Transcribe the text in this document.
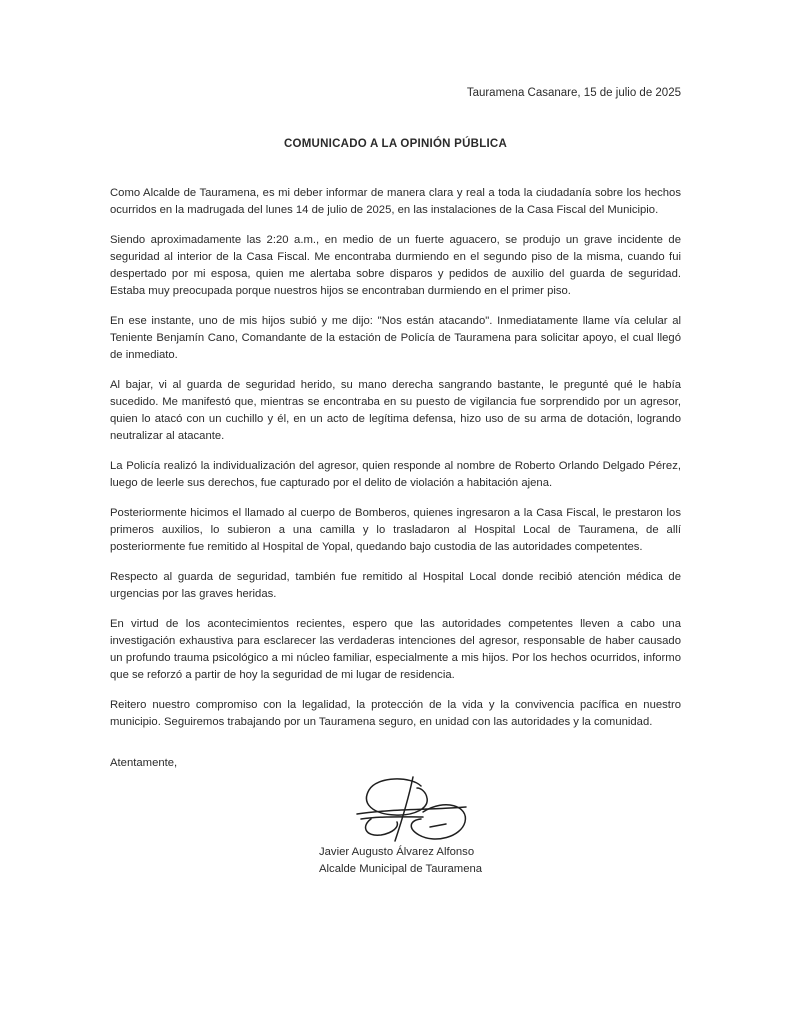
Tauramena Casanare, 15 de julio de 2025
COMUNICADO A LA OPINIÓN PÚBLICA

Como Alcalde de Tauramena, es mi deber informar de manera clara y real a toda la ciudadanía sobre los hechos ocurridos en la madrugada del lunes 14 de julio de 2025, en las instalaciones de la Casa Fiscal del Municipio.

Siendo aproximadamente las 2:20 a.m., en medio de un fuerte aguacero, se produjo un grave incidente de seguridad al interior de la Casa Fiscal. Me encontraba durmiendo en el segundo piso de la misma, cuando fui despertado por mi esposa, quien me alertaba sobre disparos y pedidos de auxilio del guarda de seguridad. Estaba muy preocupada porque nuestros hijos se encontraban durmiendo en el primer piso.

En ese instante, uno de mis hijos subió y me dijo: "Nos están atacando". Inmediatamente llame vía celular al Teniente Benjamín Cano, Comandante de la estación de Policía de Tauramena para solicitar apoyo, el cual llegó de inmediato.

Al bajar, vi al guarda de seguridad herido, su mano derecha sangrando bastante, le pregunté qué le había sucedido. Me manifestó que, mientras se encontraba en su puesto de vigilancia fue sorprendido por un agresor, quien lo atacó con un cuchillo y él, en un acto de legítima defensa, hizo uso de su arma de dotación, logrando neutralizar al atacante.

La Policía realizó la individualización del agresor, quien responde al nombre de Roberto Orlando Delgado Pérez, luego de leerle sus derechos, fue capturado por el delito de violación a habitación ajena.

Posteriormente hicimos el llamado al cuerpo de Bomberos, quienes ingresaron a la Casa Fiscal, le prestaron los primeros auxilios, lo subieron a una camilla y lo trasladaron al Hospital Local de Tauramena, de allí posteriormente fue remitido al Hospital de Yopal, quedando bajo custodia de las autoridades competentes.

Respecto al guarda de seguridad, también fue remitido al Hospital Local donde recibió atención médica de urgencias por las graves heridas.

En virtud de los acontecimientos recientes, espero que las autoridades competentes lleven a cabo una investigación exhaustiva para esclarecer las verdaderas intenciones del agresor, responsable de haber causado un profundo trauma psicológico a mi núcleo familiar, especialmente a mis hijos. Por los hechos ocurridos, informo que se reforzó a partir de hoy la seguridad de mi lugar de residencia.

Reitero nuestro compromiso con la legalidad, la protección de la vida y la convivencia pacífica en nuestro municipio. Seguiremos trabajando por un Tauramena seguro, en unidad con las autoridades y la comunidad.

Atentamente,
Javier Augusto Álvarez Alfonso
Alcalde Municipal de Tauramena
